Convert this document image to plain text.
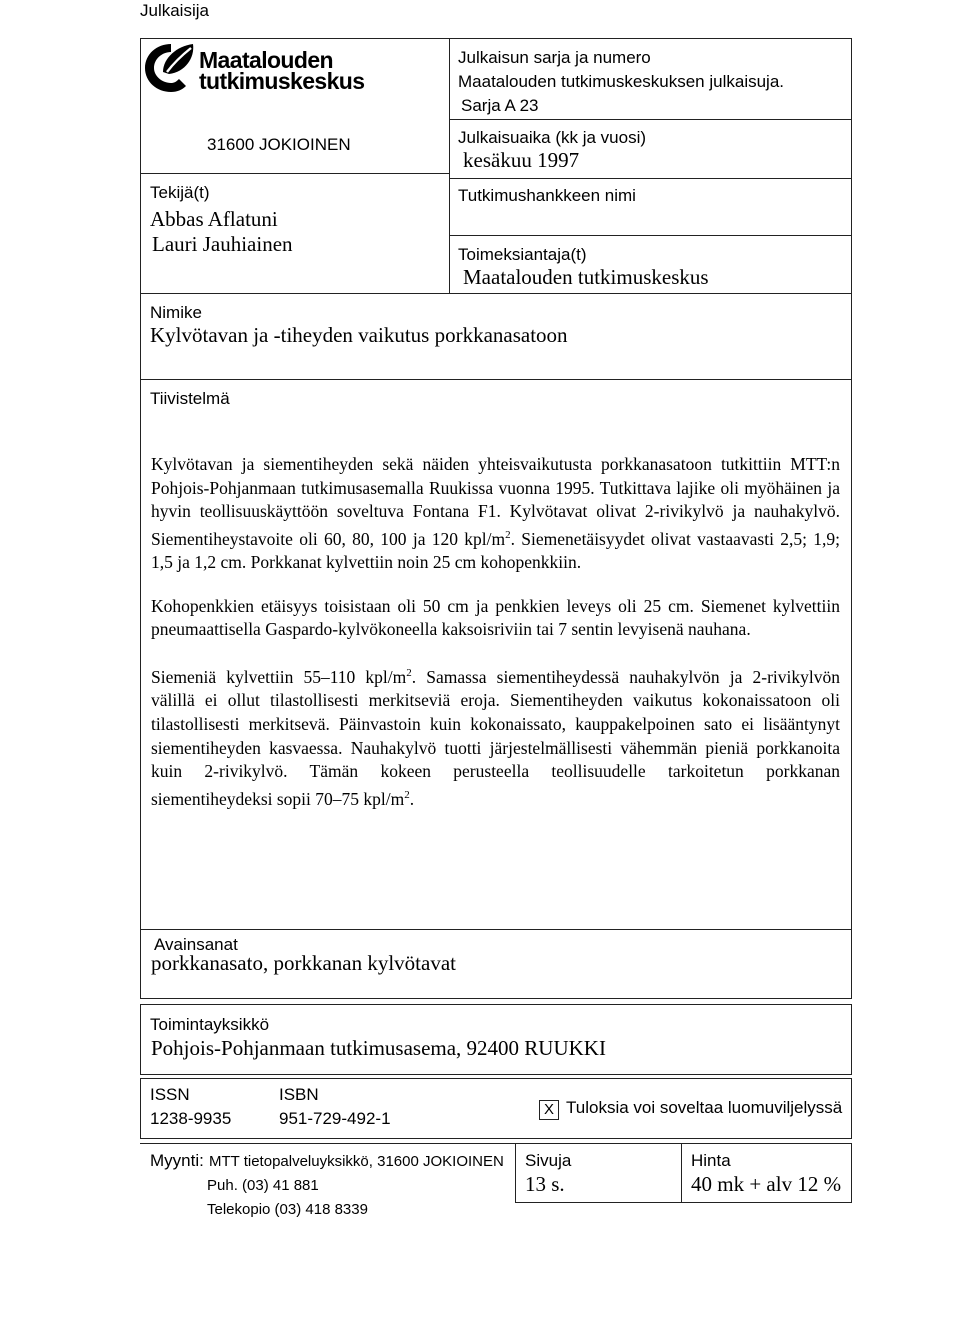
Julkaisija
Maatalouden
tutkimuskeskus
31600 JOKIOINEN
Julkaisun sarja ja numero
Maatalouden tutkimuskeskuksen julkaisuja.
Sarja A 23
Julkaisuaika (kk ja vuosi)
kesäkuu 1997
Tekijä(t)
Abbas Aflatuni
Lauri Jauhiainen
Tutkimushankkeen nimi
Toimeksiantaja(t)
Maatalouden tutkimuskeskus
Nimike
Kylvötavan ja -tiheyden vaikutus porkkanasatoon
Tiivistelmä

Kylvötavan ja siementiheyden sekä näiden yhteisvaikutusta porkkanasatoon tutkittiin MTT:n Pohjois-Pohjanmaan tutkimusasemalla Ruukissa vuonna 1995. Tutkittava lajike oli myöhäinen ja hyvin teollisuuskäyttöön soveltuva Fontana F1. Kylvötavat olivat 2-rivikylvö ja nauhakylvö. Siementiheystavoite oli 60, 80, 100 ja 120 kpl/$m^2$. Siemenetäisyydet olivat vastaavasti 2,5; 1,9; 1,5 ja 1,2 cm. Porkkanat kylvettiin noin 25 cm kohopenkkiin.

Kohopenkkien etäisyys toisistaan oli 50 cm ja penkkien leveys oli 25 cm. Siemenet kylvettiin pneumaattisella Gaspardo-kylvökoneella kaksoisriviin tai 7 sentin levyisenä nauhana.

Siemeniä kylvettiin 55–110 kpl/$m^2$. Samassa siementiheydessä nauhakylvön ja 2-rivikylvön välillä ei ollut tilastollisesti merkitseviä eroja. Siementiheyden vaikutus kokonaissatoon oli tilastollisesti merkitsevä. Päinvastoin kuin kokonaissato, kauppakelpoinen sato ei lisääntynyt siementiheyden kasvaessa. Nauhakylvö tuotti järjestelmällisesti vähemmän pieniä porkkanoita kuin 2-rivikylvö. Tämän kokeen perusteella teollisuudelle tarkoitetun porkkanan siementiheydeksi sopii 70–75 kpl/$m^2$.

Avainsanat
porkkanasato, porkkanan kylvötavat
Toimintayksikkö
Pohjois-Pohjanmaan tutkimusasema, 92400 RUUKKI
ISSN
1238-9935
ISBN
951-729-492-1	X Tuloksia voi soveltaa luomuviljelyssä
Myynti: MTT tietopalveluyksikkö, 31600 JOKIOINEN
Puh. (03) 41 881
Telekopio (03) 418 8339
Sivuja
13 s.
Hinta
40 mk + alv 12 %
